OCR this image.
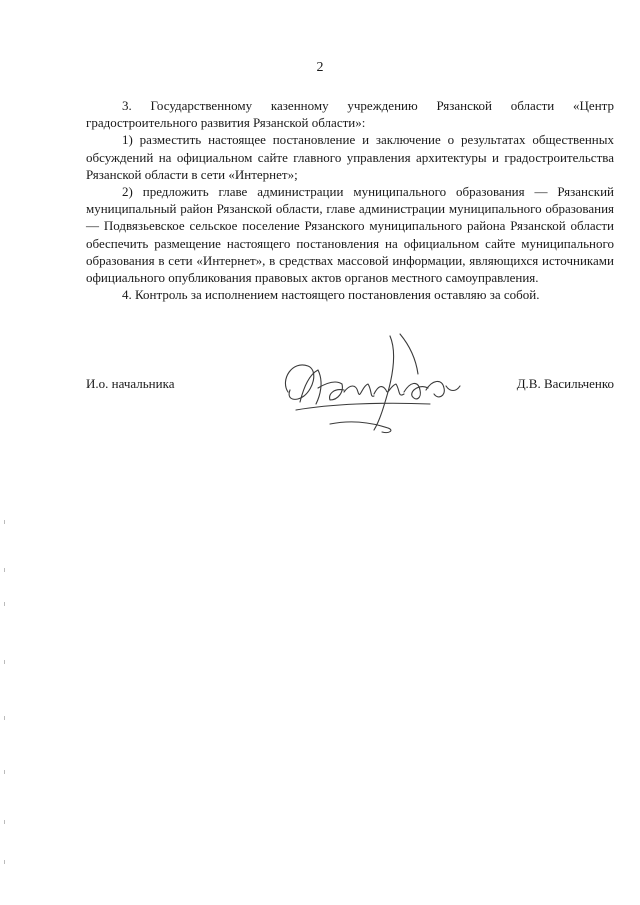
2

3. Государственному казенному учреждению Рязанской области «Центр градостроительного развития Рязанской области»:

1) разместить настоящее постановление и заключение о результатах общественных обсуждений на официальном сайте главного управления архитектуры и градостроительства Рязанской области в сети «Интернет»;

2) предложить главе администрации муниципального образования — Рязанский муниципальный район Рязанской области, главе администрации муниципального образования — Подвязьевское сельское поселение Рязанского муниципального района Рязанской области обеспечить размещение настоящего постановления на официальном сайте муниципального образования в сети «Интернет», в средствах массовой информации, являющихся источниками официального опубликования правовых актов органов местного самоуправления.

4. Контроль за исполнением настоящего постановления оставляю за собой.

И.о. начальника	Д.В. Васильченко
